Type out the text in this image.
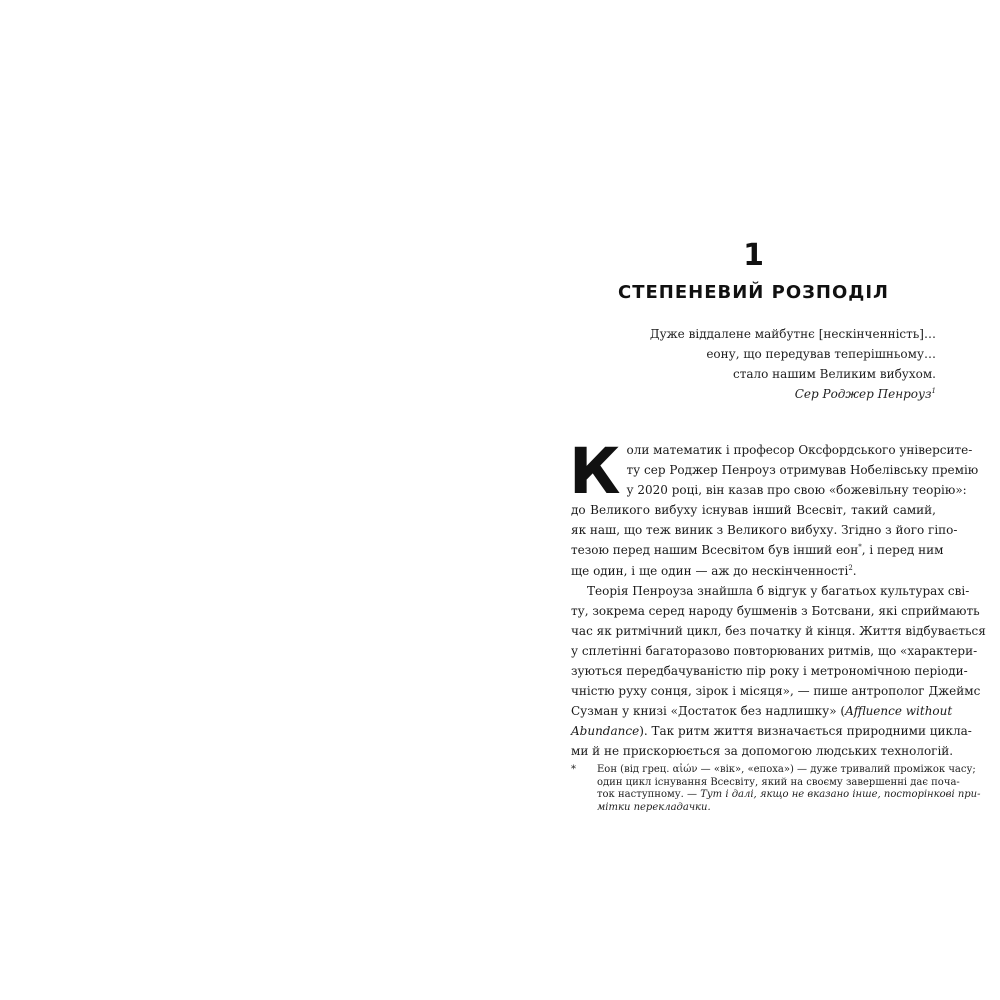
1
СТЕПЕНЕВИЙ РОЗПОДІЛ
Дуже віддалене майбутнє [нескінченність]…
еону, що передував теперішньому…
стало нашим Великим вибухом.
Сер Роджер Пенроуз$^1$
К оли математик і професор Оксфордського університе-
ту сер Роджер Пенроуз отримував Нобелівську премію
у 2020 році, він казав про свою «божевільну теорію»:
до Великого вибуху існував інший Всесвіт, такий самий,
як наш, що теж виник з Великого вибуху. Згідно з його гіпо-
тезою перед нашим Всесвітом був інший еон*, і перед ним
ще один, і ще один — аж до нескінченності$^2$.
Теорія Пенроуза знайшла б відгук у багатьох культурах сві-
ту, зокрема серед народу бушменів з Ботсвани, які сприймають
час як ритмічний цикл, без початку й кінця. Життя відбувається
у сплетінні багаторазово повторюваних ритмів, що «характери-
зуються передбачуваністю пір року і метрономічною періоди-
чністю руху сонця, зірок і місяця», — пише антрополог Джеймс
Сузман у книзі «Достаток без надлишку» (Affluence without
Abundance). Так ритм життя визначається природними цикла-
ми й не прискорюється за допомогою людських технологій.
* Еон (від грец. αἰών — «вік», «епоха») — дуже тривалий проміжок часу;
один цикл існування Всесвіту, який на своєму завершенні дає поча-
ток наступному. — Тут і далі, якщо не вказано інше, посторінкові при-
мітки перекладачки.
